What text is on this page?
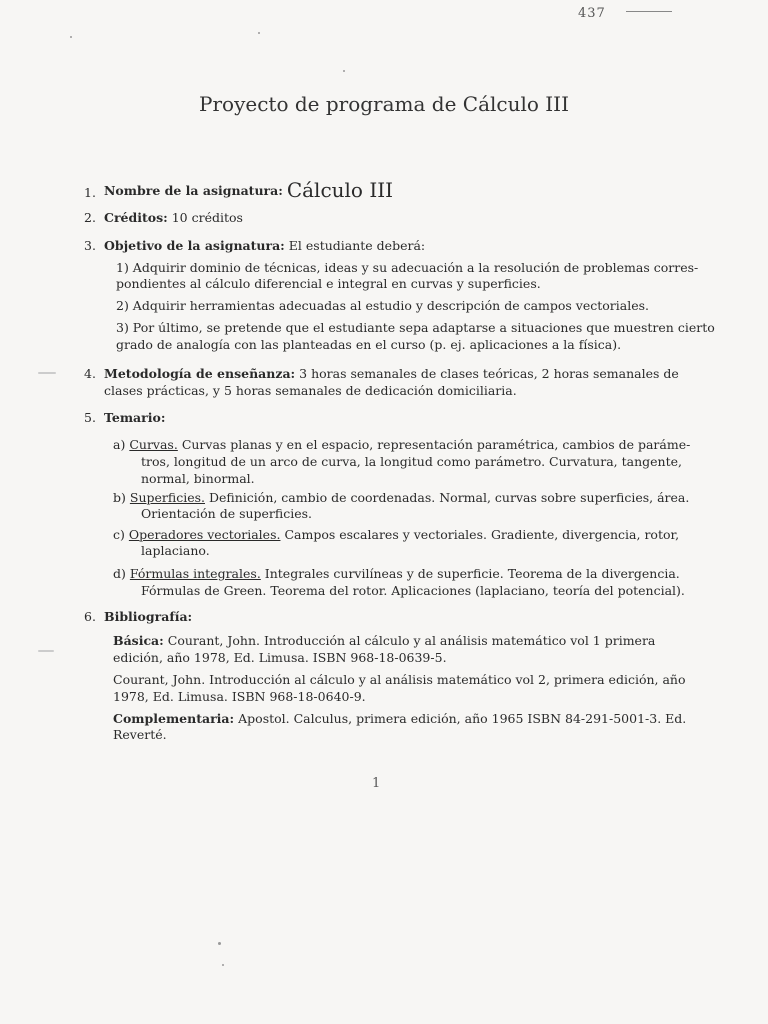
437
Proyecto de programa de Cálculo III
1. Nombre de la asignatura: Cálculo III
2. Créditos: 10 créditos
3. Objetivo de la asignatura: El estudiante deberá:
1) Adquirir dominio de técnicas, ideas y su adecuación a la resolución de problemas corres-
pondientes al cálculo diferencial e integral en curvas y superficies.
2) Adquirir herramientas adecuadas al estudio y descripción de campos vectoriales.
3) Por último, se pretende que el estudiante sepa adaptarse a situaciones que muestren cierto
grado de analogía con las planteadas en el curso (p. ej. aplicaciones a la física).
4. Metodología de enseñanza: 3 horas semanales de clases teóricas, 2 horas semanales de
clases prácticas, y 5 horas semanales de dedicación domiciliaria.
5. Temario:
a) Curvas. Curvas planas y en el espacio, representación paramétrica, cambios de paráme-
tros, longitud de un arco de curva, la longitud como parámetro. Curvatura, tangente,
normal, binormal.
b) Superficies. Definición, cambio de coordenadas. Normal, curvas sobre superficies, área.
Orientación de superficies.
c) Operadores vectoriales. Campos escalares y vectoriales. Gradiente, divergencia, rotor,
laplaciano.
d) Fórmulas integrales. Integrales curvilíneas y de superficie. Teorema de la divergencia.
Fórmulas de Green. Teorema del rotor. Aplicaciones (laplaciano, teoría del potencial).
6. Bibliografía:
Básica: Courant, John. Introducción al cálculo y al análisis matemático vol 1 primera
edición, año 1978, Ed. Limusa. ISBN 968-18-0639-5.
Courant, John. Introducción al cálculo y al análisis matemático vol 2, primera edición, año
1978, Ed. Limusa. ISBN 968-18-0640-9.
Complementaria: Apostol. Calculus, primera edición, año 1965 ISBN 84-291-5001-3. Ed.
Reverté.
1
